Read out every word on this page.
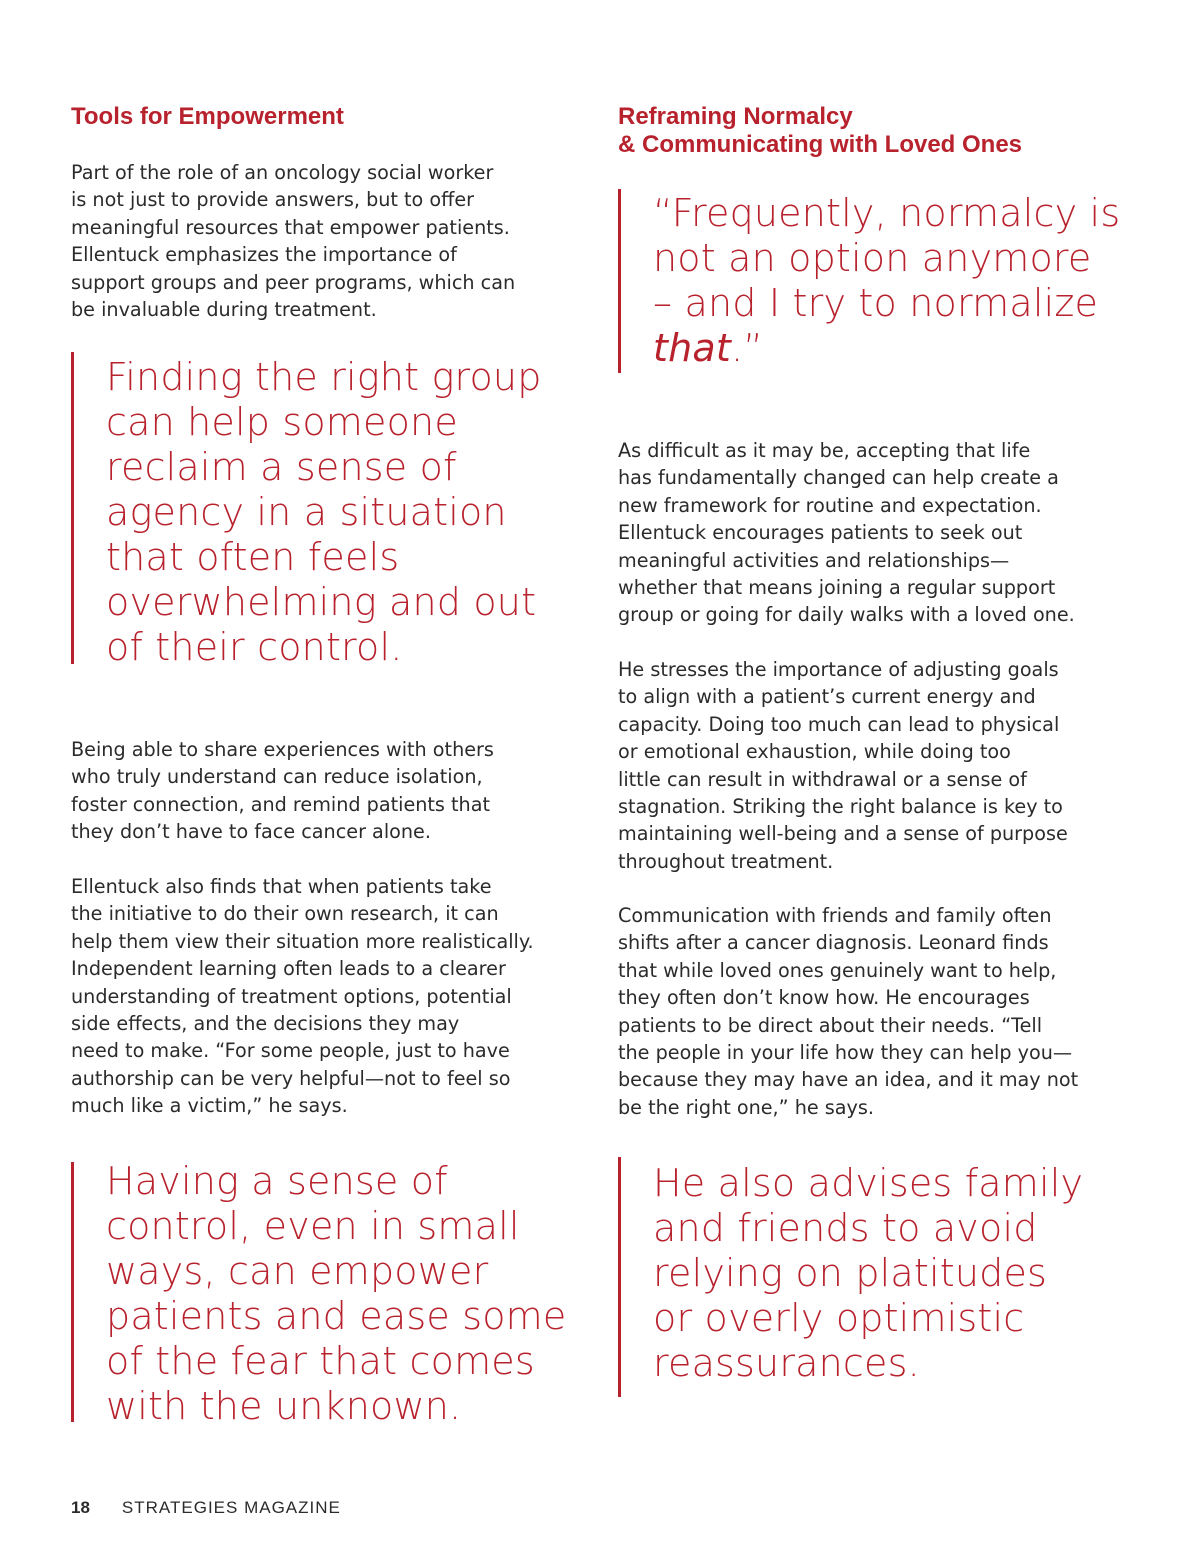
Tools for Empowerment

Part of the role of an oncology social worker
is not just to provide answers, but to offer
meaningful resources that empower patients.
Ellentuck emphasizes the importance of
support groups and peer programs, which can
be invaluable during treatment.

Finding the right group
can help someone
reclaim a sense of
agency in a situation
that often feels
overwhelming and out
of their control.

Being able to share experiences with others
who truly understand can reduce isolation,
foster connection, and remind patients that
they don’t have to face cancer alone.

Ellentuck also finds that when patients take
the initiative to do their own research, it can
help them view their situation more realistically.
Independent learning often leads to a clearer
understanding of treatment options, potential
side effects, and the decisions they may
need to make. “For some people, just to have
authorship can be very helpful—not to feel so
much like a victim,” he says.

Having a sense of
control, even in small
ways, can empower
patients and ease some
of the fear that comes
with the unknown.

Reframing Normalcy
& Communicating with Loved Ones

“Frequently, normalcy is
not an option anymore
– and I try to normalize
that.”

As difficult as it may be, accepting that life
has fundamentally changed can help create a
new framework for routine and expectation.
Ellentuck encourages patients to seek out
meaningful activities and relationships—
whether that means joining a regular support
group or going for daily walks with a loved one.

He stresses the importance of adjusting goals
to align with a patient’s current energy and
capacity. Doing too much can lead to physical
or emotional exhaustion, while doing too
little can result in withdrawal or a sense of
stagnation. Striking the right balance is key to
maintaining well-being and a sense of purpose
throughout treatment.

Communication with friends and family often
shifts after a cancer diagnosis. Leonard finds
that while loved ones genuinely want to help,
they often don’t know how. He encourages
patients to be direct about their needs. “Tell
the people in your life how they can help you—
because they may have an idea, and it may not
be the right one,” he says.

He also advises family
and friends to avoid
relying on platitudes
or overly optimistic
reassurances.

18 STRATEGIES MAGAZINE
